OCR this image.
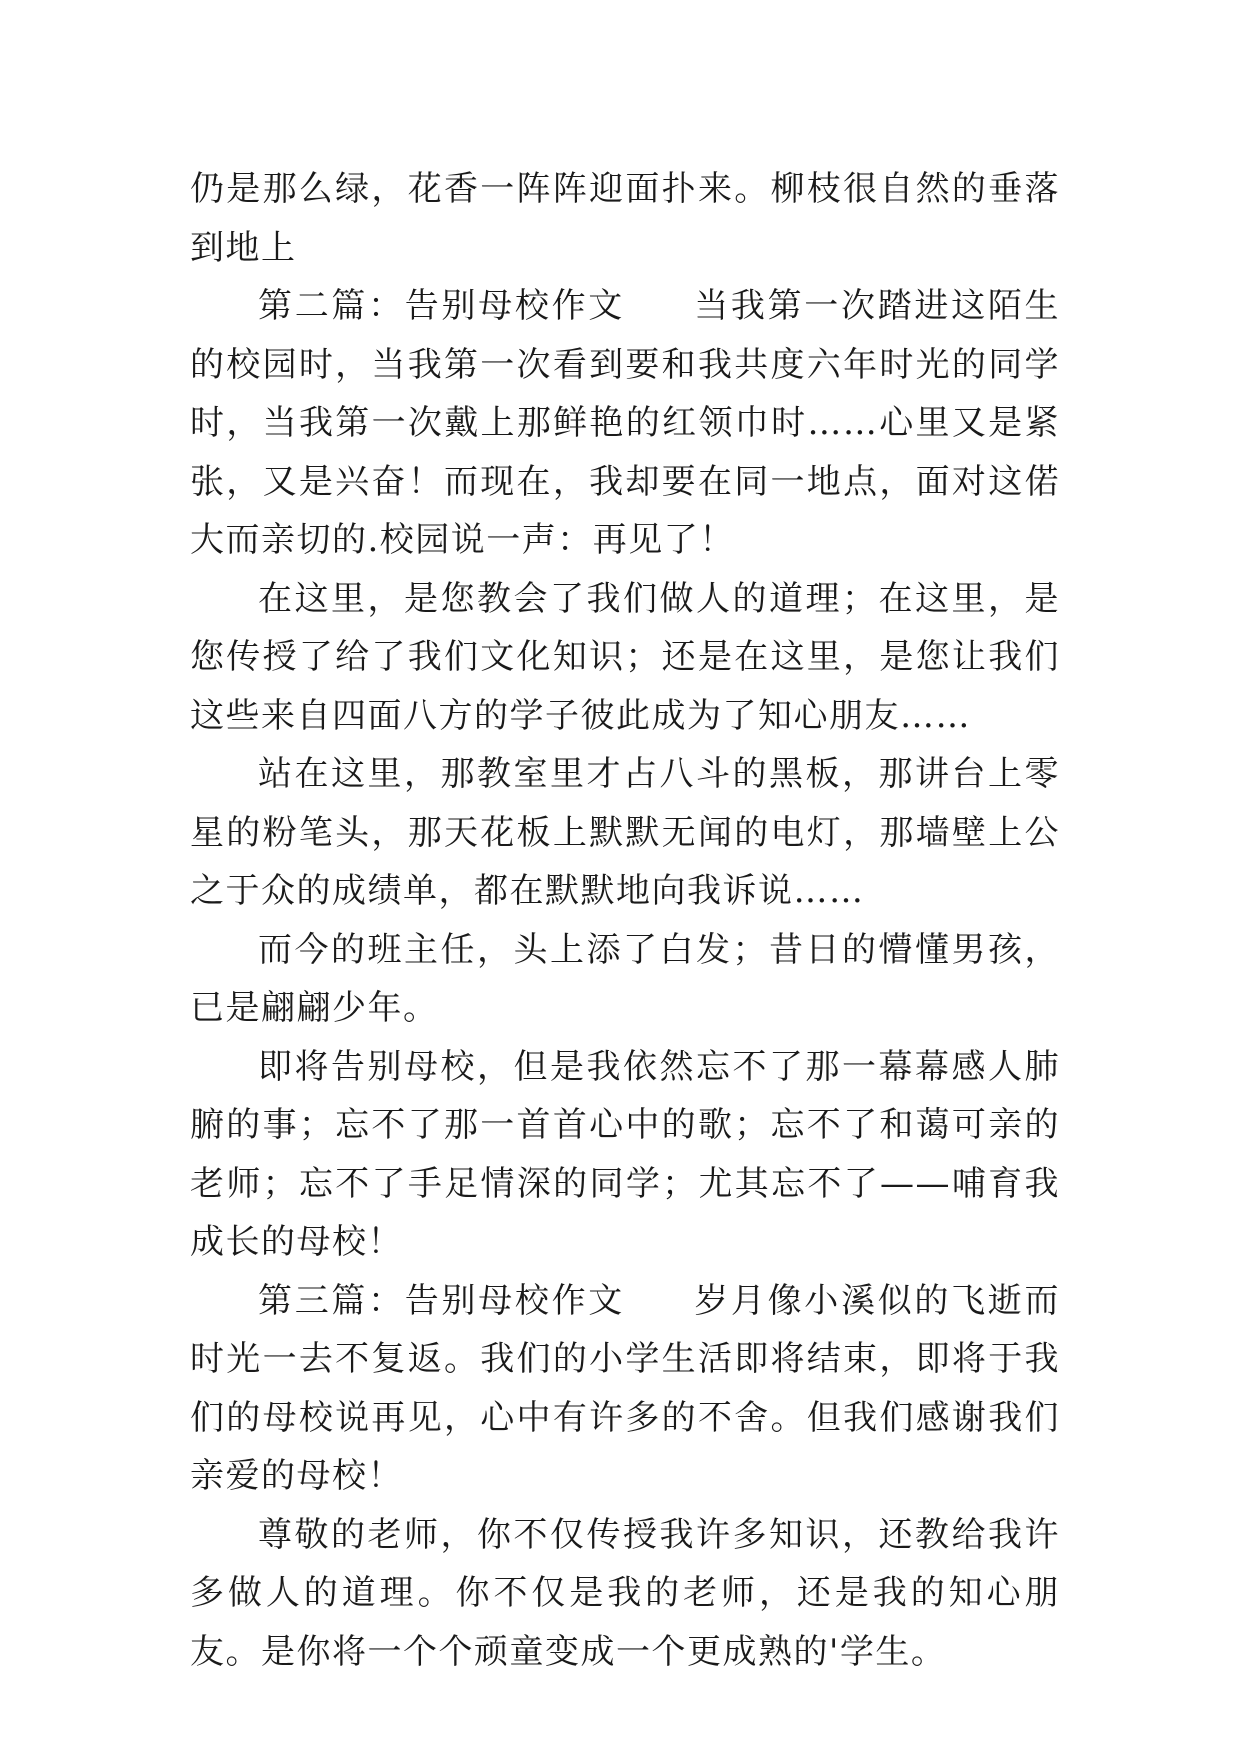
仍是那么绿，花香一阵阵迎面扑来。柳枝很自然的垂落到地上

第二篇：告别母校作文 当我第一次踏进这陌生的校园时，当我第一次看到要和我共度六年时光的同学时，当我第一次戴上那鲜艳的红领巾时……心里又是紧张，又是兴奋！而现在，我却要在同一地点，面对这偌大而亲切的.校园说一声：再见了！

在这里，是您教会了我们做人的道理；在这里，是您传授了给了我们文化知识；还是在这里，是您让我们这些来自四面八方的学子彼此成为了知心朋友……

站在这里，那教室里才占八斗的黑板，那讲台上零星的粉笔头，那天花板上默默无闻的电灯，那墙壁上公之于众的成绩单，都在默默地向我诉说……

而今的班主任，头上添了白发；昔日的懵懂男孩，已是翩翩少年。

即将告别母校，但是我依然忘不了那一幕幕感人肺腑的事；忘不了那一首首心中的歌；忘不了和蔼可亲的老师；忘不了手足情深的同学；尤其忘不了——哺育我成长的母校！

第三篇：告别母校作文 岁月像小溪似的飞逝而时光一去不复返。我们的小学生活即将结束，即将于我们的母校说再见，心中有许多的不舍。但我们感谢我们亲爱的母校！

尊敬的老师，你不仅传授我许多知识，还教给我许多做人的道理。你不仅是我的老师，还是我的知心朋友。是你将一个个顽童变成一个更成熟的'学生。
